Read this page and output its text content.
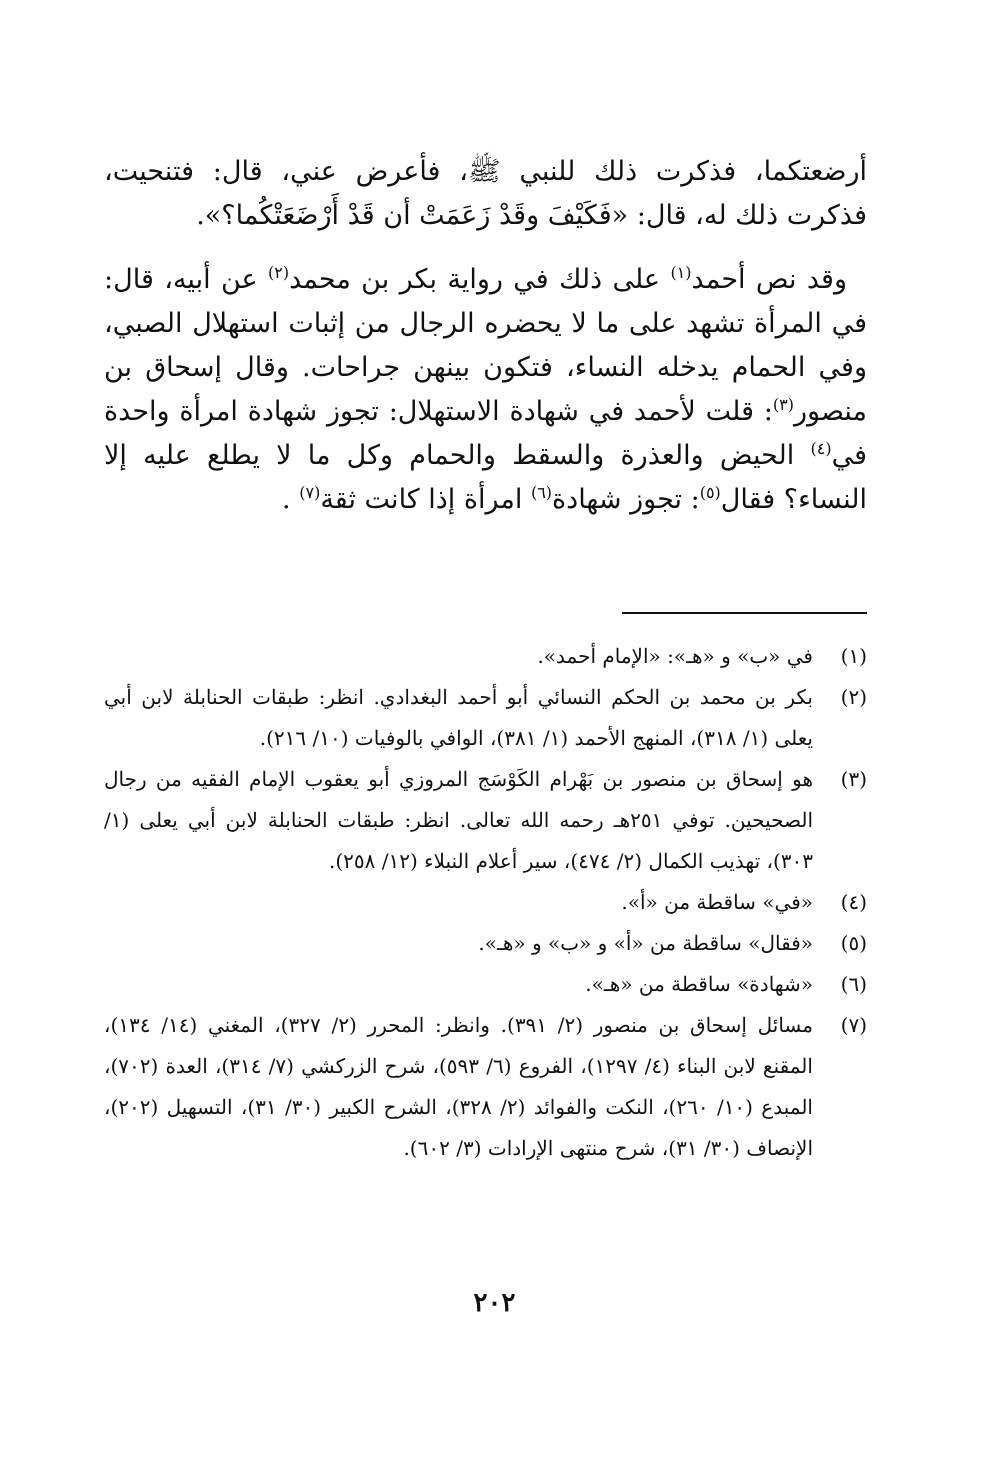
أرضعتكما، فذكرت ذلك للنبي ﷺ، فأعرض عني، قال: فتنحيت، فذكرت ذلك له، قال: «فَكَيْفَ وقَدْ زَعَمَتْ أن قَدْ أَرْضَعَتْكُما؟».

وقد نص أحمد$^{(١)}$ على ذلك في رواية بكر بن محمد$^{(٢)}$ عن أبيه، قال: في المرأة تشهد على ما لا يحضره الرجال من إثبات استهلال الصبي، وفي الحمام يدخله النساء، فتكون بينهن جراحات. وقال إسحاق بن منصور$^{(٣)}$: قلت لأحمد في شهادة الاستهلال: تجوز شهادة امرأة واحدة في$^{(٤)}$ الحيض والعذرة والسقط والحمام وكل ما لا يطلع عليه إلا النساء؟ فقال$^{(٥)}$: تجوز شهادة$^{(٦)}$ امرأة إذا كانت ثقة$^{(٧)}$ .

(١)
في «ب» و «هـ»: «الإمام أحمد».
(٢)
بكر بن محمد بن الحكم النسائي أبو أحمد البغدادي. انظر: طبقات الحنابلة لابن أبي يعلى (١/ ٣١٨)، المنهج الأحمد (١/ ٣٨١)، الوافي بالوفيات (١٠/ ٢١٦).
(٣)
هو إسحاق بن منصور بن بَهْرام الكَوْسَج المروزي أبو يعقوب الإمام الفقيه من رجال الصحيحين. توفي ٢٥١هـ رحمه الله تعالى. انظر: طبقات الحنابلة لابن أبي يعلى (١/ ٣٠٣)، تهذيب الكمال (٢/ ٤٧٤)، سير أعلام النبلاء (١٢/ ٢٥٨).
(٤)
«في» ساقطة من «أ».
(٥)
«فقال» ساقطة من «أ» و «ب» و «هـ».
(٦)
«شهادة» ساقطة من «هـ».
(٧)
مسائل إسحاق بن منصور (٢/ ٣٩١). وانظر: المحرر (٢/ ٣٢٧)، المغني (١٤/ ١٣٤)، المقنع لابن البناء (٤/ ١٢٩٧)، الفروع (٦/ ٥٩٣)، شرح الزركشي (٧/ ٣١٤)، العدة (٧٠٢)، المبدع (١٠/ ٢٦٠)، النكت والفوائد (٢/ ٣٢٨)، الشرح الكبير (٣٠/ ٣١)، التسهيل (٢٠٢)، الإنصاف (٣٠/ ٣١)، شرح منتهى الإرادات (٣/ ٦٠٢).
٢٠٢
